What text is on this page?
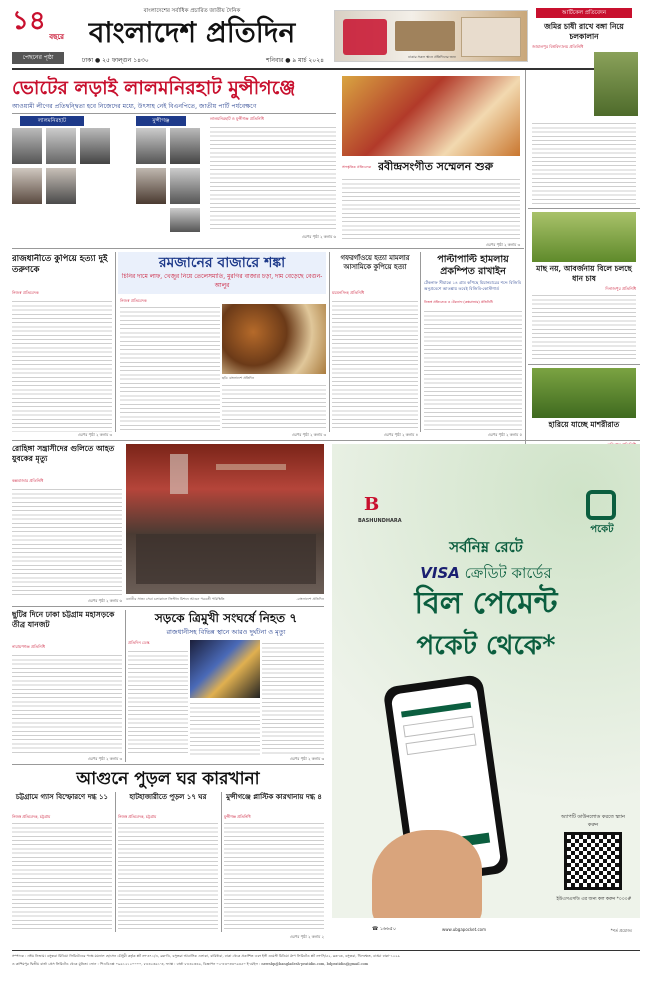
১৪
বছরে
পেছনের পৃষ্ঠা
বাংলাদেশের সর্বাধিক প্রচারিত জাতীয় দৈনিক
বাংলাদেশ প্রতিদিন
ঢাকা ● ২৫ ফাল্গুন ১৪৩০	শনিবার ● ৯ মার্চ ২০২৪	ঢাকার সকল স্থানে প্রতিদিনের জন্য
আর্টিকেল প্রতিবেদন
জমির চাষী রাখে বঙ্গা নিয়ে চলকালান
জামালপুর বিশ্ববিদ্যালয় প্রতিনিধি
মাছ নয়, আবর্জনায় বিলে চলছে ধান চাষ
দিনাজপুর প্রতিনিধি
হারিয়ে যাচ্ছে মাশরীরাত
ভোটের লড়াই লালমনিরহাট মুন্সীগঞ্জে
আওয়ামী লীগের প্রতিদ্বন্দ্বিতা হবে নিজেদের মধ্যে, উৎসাহ নেই বিএনপিতে, জাতীয় পার্টি পর্যবেক্ষণে
লালমনিরহাট	মুন্সীগঞ্জ	লালমনিরহাট ও মুন্সীগঞ্জ প্রতিনিধি
এরপর পৃষ্ঠা ২ কলাম ৬
রবীন্দ্রসংগীত সম্মেলন শুরু
সাংস্কৃতিক প্রতিবেদক
এরপর পৃষ্ঠা ২ কলাম ৩
রাজধানীতে কুপিয়ে হত্যা দুই তরুণকে
নিজস্ব প্রতিবেদক
এরপর পৃষ্ঠা ২ কলাম ৩
রমজানের বাজারে শঙ্কা
চিনির দামে লাফ, খেজুর নিয়ে তেলেসমাতি, মুরগির বাজার চড়া, দাম বেড়েছে বেগুন-আলুর
নিজস্ব প্রতিবেদক
ছবি: বাংলাদেশ প্রতিদিন
এরপর পৃষ্ঠা ২ কলাম ৩
গফরগাঁওয়ে হত্যা মামলার আসামিকে কুপিয়ে হত্যা
ময়মনসিংহ প্রতিনিধি
এরপর পৃষ্ঠা ২ কলাম ৪
পাল্টাপাল্টি হামলায় প্রকম্পিত রাখাইন
টেকনাফ সীমান্তে ১৪ গ্রাম কাঁপছে মিয়ানমারের শব্দে বিজিবি অনুপ্রবেশে আতঙ্কায় তবেই বিজিবি-কোস্টগার্ড
নিজস্ব প্রতিবেদক ও টেকনাফ (কক্সবাজার) প্রতিনিধি
এরপর পৃষ্ঠা ২ কলাম ৫
রোহিঙ্গা সন্ত্রাসীদের গুলিতে আহত যুবকের মৃত্যু
কক্সবাজার প্রতিনিধি
এরপর পৃষ্ঠা ২ কলাম ৬ বনানীর সান্ধ্য সেবা চলাকালে ক্রিস্টান মিশনে আগুন পরবর্তী পরিস্থিতি	-বাংলাদেশ প্রতিদিন
ছুটির দিনে ঢাকা চট্টগ্রাম মহাসড়কে তীব্র যানজট
নারায়ণগঞ্জ প্রতিনিধি
এরপর পৃষ্ঠা ২ কলাম ৩
সড়কে ত্রিমুখী সংঘর্ষে নিহত ৭
রাজধানীসহ বিভিন্ন স্থানে আরও দুর্ঘটনা ও মৃত্যু
প্রতিদিন ডেস্ক
এরপর পৃষ্ঠা ২ কলাম ৩
B
BASHUNDHARA
পকেট
সর্বনিম্ন রেটে
VISA ক্রেডিট কার্ডের
বিল পেমেন্ট
পকেট থেকে*
অ্যাপটি ডাউনলোড করতে স্ক্যান করুন
ইউএসএসডি এর জন্য কল করুন *০০০#
☎ ১৬৬৫০	www.ubgapocket.com	*শর্ত প্রযোজ্য
আগুনে পুড়ল ঘর কারখানা
চট্টগ্রামে গ্যাস বিস্ফোরণে দগ্ধ ১১	হাটহাজারীতে পুড়ল ১৭ ঘর	মুন্সীগঞ্জে প্লাস্টিক কারখানায় দগ্ধ ৪
নিজস্ব প্রতিবেদক, চট্টগ্রাম	নিজস্ব প্রতিবেদক, চট্টগ্রাম	মুন্সীগঞ্জ প্রতিনিধি
এরপর পৃষ্ঠা ২ কলাম ২
সম্পাদক : নঈম নিজাম। বসুন্ধরা মিডিয়া লিমিটেডের পক্ষে ময়নাল হোসেন চৌধুরী কর্তৃক প্লট নং-৩৭১/এ, ব্লক-ডি, বসুন্ধরা আবাসিক এলাকা, বারিধারা, ঢাকা থেকে প্রকাশিত এবং ইস্ট ওয়েস্ট মিডিয়া গ্রুপ লিমিটেড প্লট নং-সি/৫২, ব্লক-কে, বসুন্ধরা, খিলক্ষেত, বাড্ডা ঢাকা-১২২৯
ও কাশিমপুর দ্বিতীয় বার্তা প্রেস লিমিটেড থেকে মুদ্রিত। ফোন : পিএবিএক্স ০৯৬১২১২০০০০, ৮৪৩২৩৬১-৩, ফ্যাক্স : বার্তা ৮৪৩২৩৪৬, বিজ্ঞাপন ০২-৪৩০৩৩০৯৩৫০ ই-মেইল : newsbp@bangladesh-pratidin.com, bdpratidin@gmail.com
